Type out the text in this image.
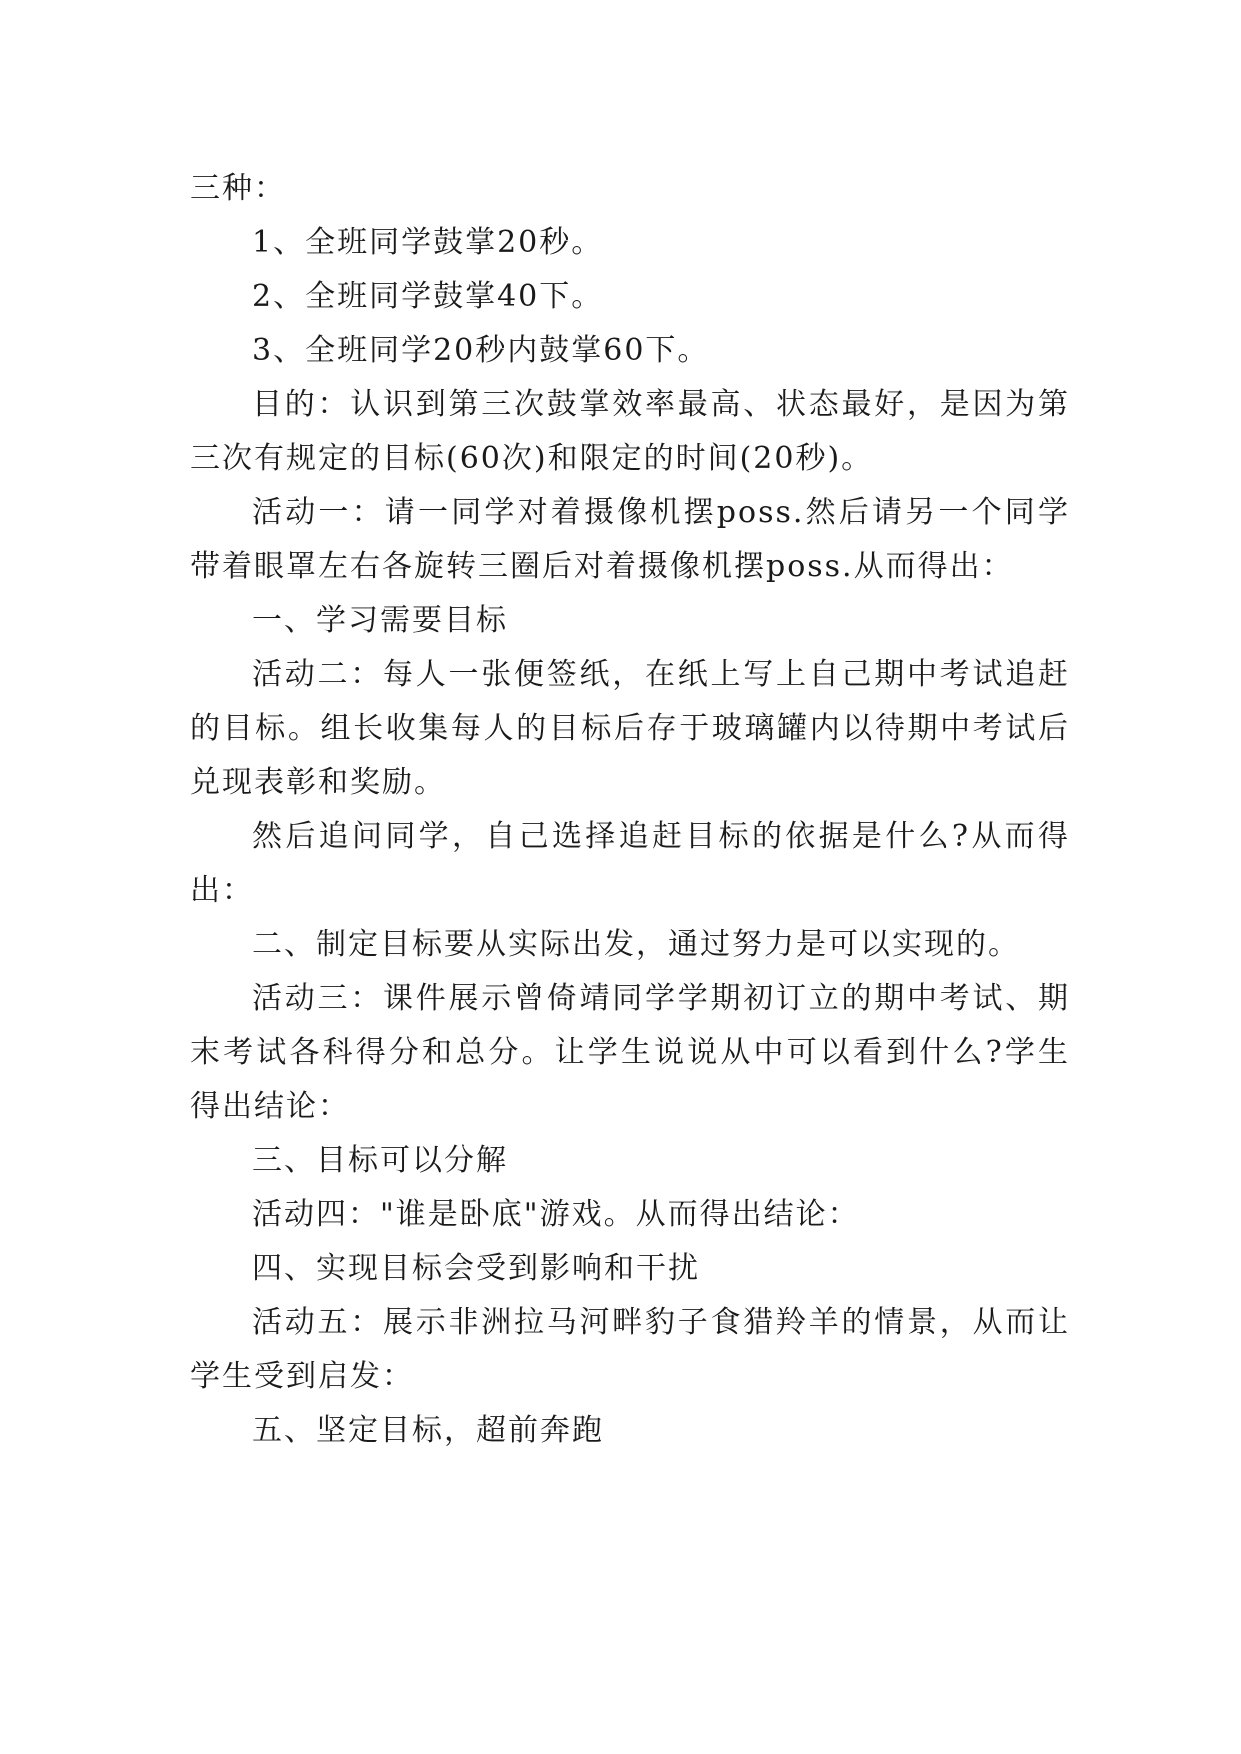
三种：

1、全班同学鼓掌20秒。

2、全班同学鼓掌40下。

3、全班同学20秒内鼓掌60下。

目的：认识到第三次鼓掌效率最高、状态最好，是因为第三次有规定的目标(60次)和限定的时间(20秒)。

活动一：请一同学对着摄像机摆poss.然后请另一个同学带着眼罩左右各旋转三圈后对着摄像机摆poss.从而得出：

一、学习需要目标

活动二：每人一张便签纸，在纸上写上自己期中考试追赶的目标。组长收集每人的目标后存于玻璃罐内以待期中考试后兑现表彰和奖励。

然后追问同学，自己选择追赶目标的依据是什么?从而得出：

二、制定目标要从实际出发，通过努力是可以实现的。

活动三：课件展示曾倚靖同学学期初订立的期中考试、期末考试各科得分和总分。让学生说说从中可以看到什么?学生得出结论：

三、目标可以分解

活动四："谁是卧底"游戏。从而得出结论：

四、实现目标会受到影响和干扰

活动五：展示非洲拉马河畔豹子食猎羚羊的情景，从而让学生受到启发：

五、坚定目标，超前奔跑
